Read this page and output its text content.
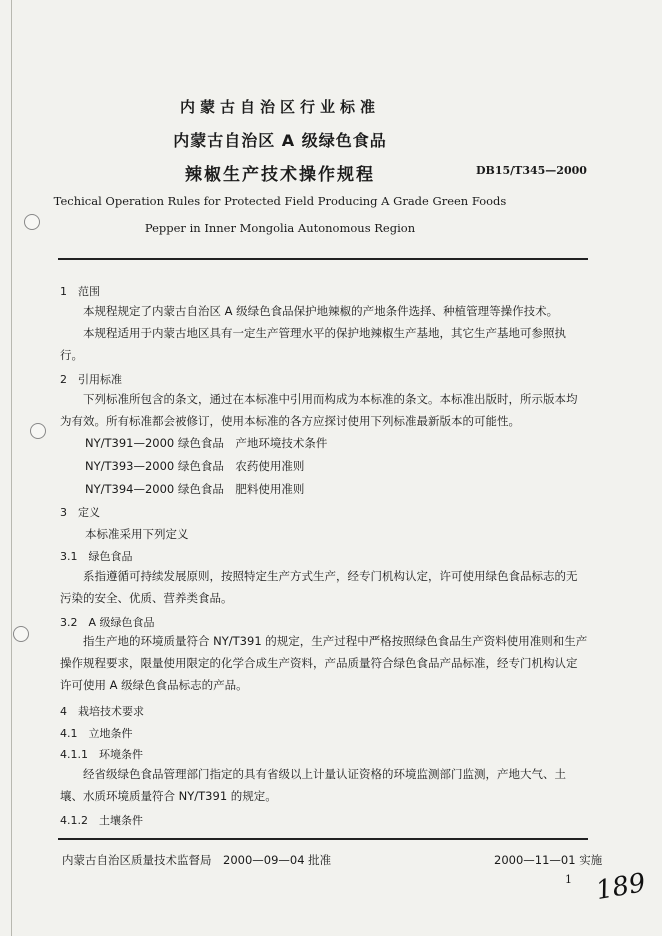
内蒙古自治区行业标准
内蒙古自治区 A 级绿色食品
辣椒生产技术操作规程	DB15/T345—2000
Techical Operation Rules for Protected Field Producing A Grade Green Foods
Pepper in Inner Mongolia Autonomous Region
1　范围
本规程规定了内蒙古自治区 A 级绿色食品保护地辣椒的产地条件选择、种植管理等操作技术。
本规程适用于内蒙古地区具有一定生产管理水平的保护地辣椒生产基地，其它生产基地可参照执行。
2　引用标准
下列标准所包含的条文，通过在本标准中引用而构成为本标准的条文。本标准出版时，所示版本均为有效。所有标准都会被修订，使用本标准的各方应探讨使用下列标准最新版本的可能性。
NY/T391—2000 绿色食品　产地环境技术条件
NY/T393—2000 绿色食品　农药使用准则
NY/T394—2000 绿色食品　肥料使用准则
3　定义
本标准采用下列定义
3.1　绿色食品
系指遵循可持续发展原则，按照特定生产方式生产，经专门机构认定，许可使用绿色食品标志的无污染的安全、优质、营养类食品。
3.2　A 级绿色食品
指生产地的环境质量符合 NY/T391 的规定，生产过程中严格按照绿色食品生产资料使用准则和生产操作规程要求，限量使用限定的化学合成生产资料，产品质量符合绿色食品产品标准，经专门机构认定许可使用 A 级绿色食品标志的产品。
4　栽培技术要求
4.1　立地条件
4.1.1　环境条件
经省级绿色食品管理部门指定的具有省级以上计量认证资格的环境监测部门监测，产地大气、土壤、水质环境质量符合 NY/T391 的规定。
4.1.2　土壤条件
内蒙古自治区质量技术监督局　2000—09—04 批准	2000—11—01 实施
1 189
